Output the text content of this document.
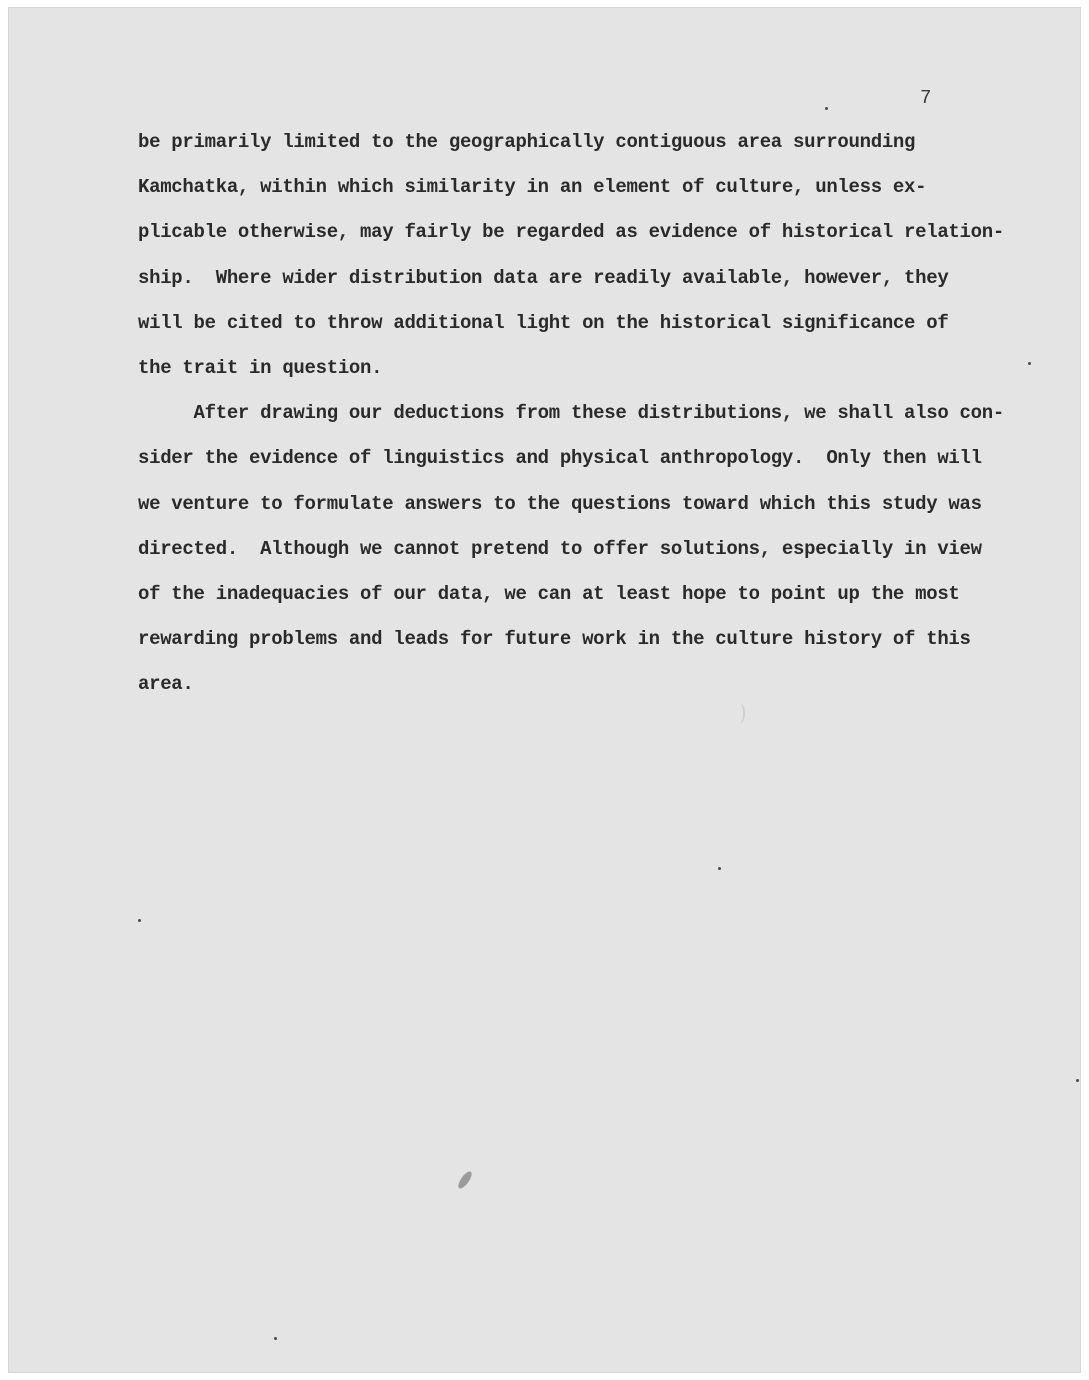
7
be primarily limited to the geographically contiguous area surrounding
Kamchatka, within which similarity in an element of culture, unless ex-
plicable otherwise, may fairly be regarded as evidence of historical relation-
ship.  Where wider distribution data are readily available, however, they
will be cited to throw additional light on the historical significance of
the trait in question.
After drawing our deductions from these distributions, we shall also con-
sider the evidence of linguistics and physical anthropology.  Only then will
we venture to formulate answers to the questions toward which this study was
directed.  Although we cannot pretend to offer solutions, especially in view
of the inadequacies of our data, we can at least hope to point up the most
rewarding problems and leads for future work in the culture history of this
area.
